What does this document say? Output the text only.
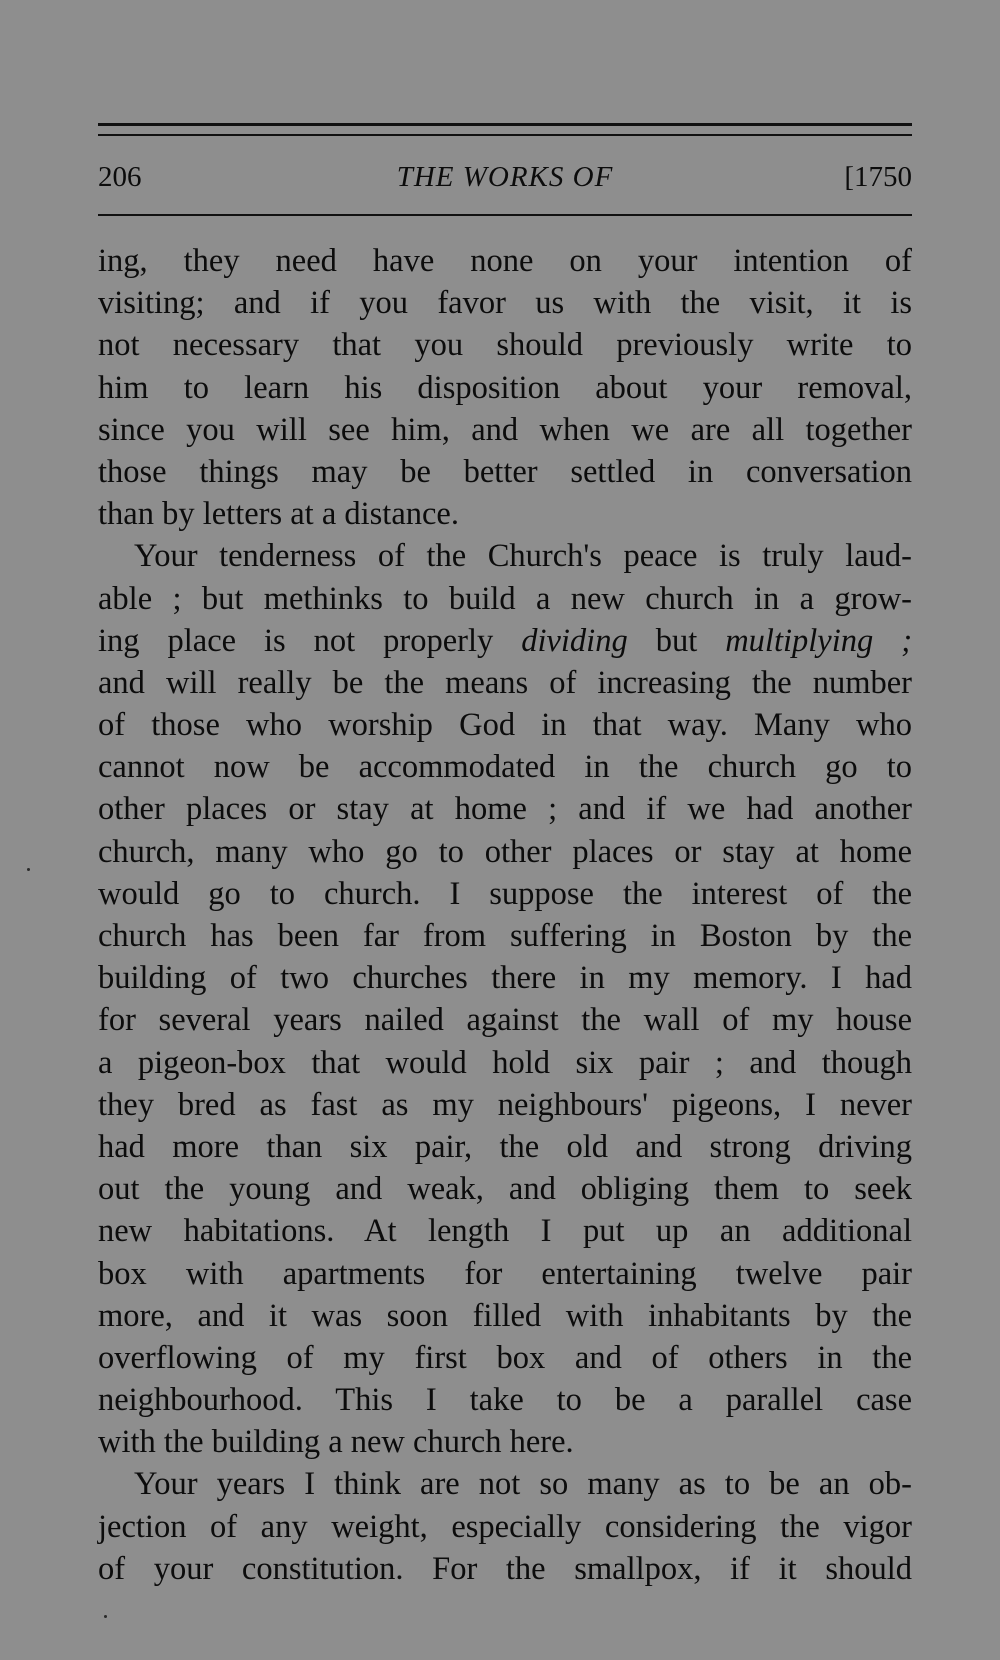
206	THE WORKS OF	[1750
ing, they need have none on your intention of
visiting; and if you favor us with the visit, it is
not necessary that you should previously write to
him to learn his disposition about your removal,
since you will see him, and when we are all together
those things may be better settled in conversation
than by letters at a distance.
Your tenderness of the Church's peace is truly laud-
able ; but methinks to build a new church in a grow-
ing place is not properly dividing but multiplying ;
and will really be the means of increasing the number
of those who worship God in that way. Many who
cannot now be accommodated in the church go to
other places or stay at home ; and if we had another
church, many who go to other places or stay at home
would go to church. I suppose the interest of the
church has been far from suffering in Boston by the
building of two churches there in my memory. I had
for several years nailed against the wall of my house
a pigeon-box that would hold six pair ; and though
they bred as fast as my neighbours' pigeons, I never
had more than six pair, the old and strong driving
out the young and weak, and obliging them to seek
new habitations. At length I put up an additional
box with apartments for entertaining twelve pair
more, and it was soon filled with inhabitants by the
overflowing of my first box and of others in the
neighbourhood. This I take to be a parallel case
with the building a new church here.
Your years I think are not so many as to be an ob-
jection of any weight, especially considering the vigor
of your constitution. For the smallpox, if it should
